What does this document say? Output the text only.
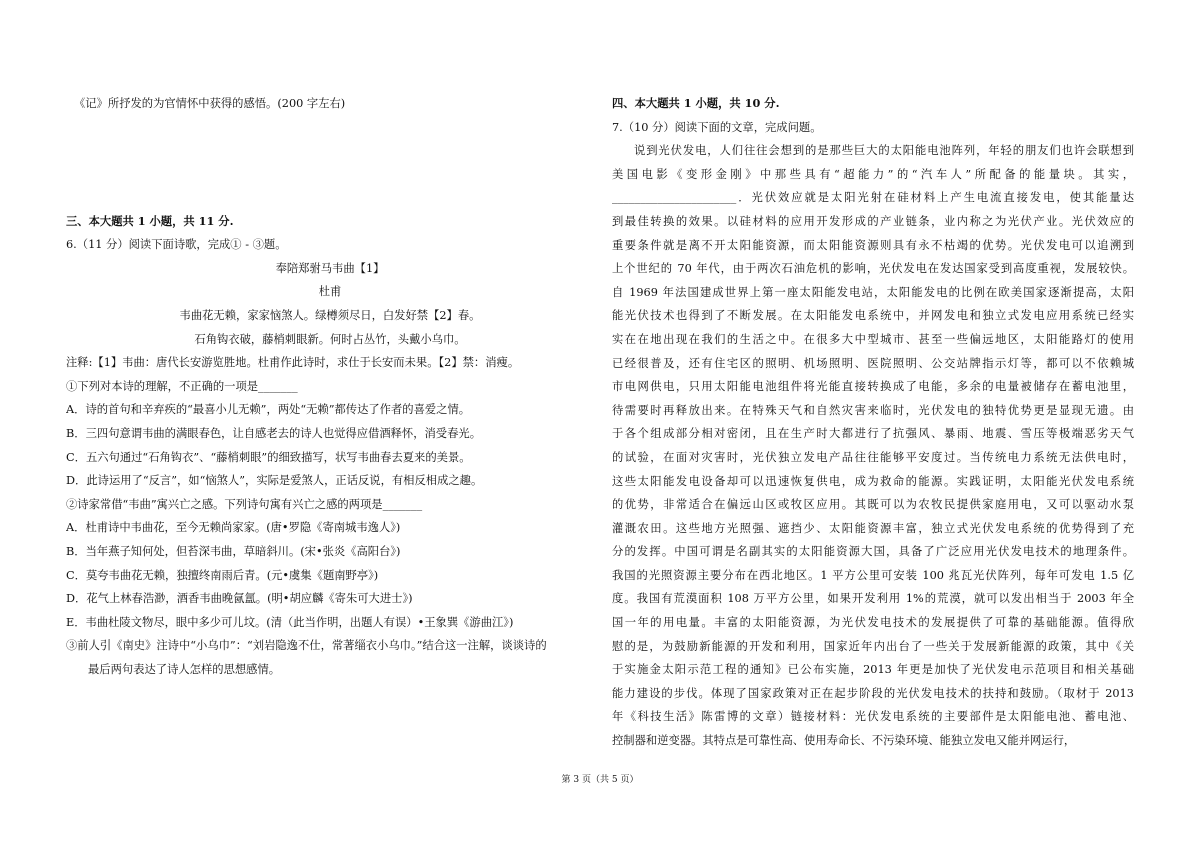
《记》所抒发的为官情怀中获得的感悟。(200 字左右)
三、本大题共 1 小题，共 11 分.
6.（11 分）阅读下面诗歌，完成① - ③题。
奉陪郑驸马韦曲【1】
杜甫
韦曲花无赖，家家恼煞人。绿樽须尽日，白发好禁【2】春。
石角钩衣破，藤梢刺眼新。何时占丛竹，头戴小乌巾。
注释:【1】韦曲：唐代长安游览胜地。杜甫作此诗时，求仕于长安而未果。【2】禁：消瘦。
①下列对本诗的理解，不正确的一项是_______
A．诗的首句和辛弃疾的“最喜小儿无赖”，两处“无赖”都传达了作者的喜爱之情。
B．三四句意谓韦曲的满眼春色，让自感老去的诗人也觉得应借酒释怀，消受春光。
C．五六句通过“石角钩衣”、“藤梢刺眼”的细致描写，状写韦曲春去夏来的美景。
D．此诗运用了“反言”，如“恼煞人”，实际是爱煞人，正话反说，有相反相成之趣。
②诗家常借“韦曲”寓兴亡之感。下列诗句寓有兴亡之感的两项是_______
A．杜甫诗中韦曲花，至今无赖尚家家。(唐•罗隐《寄南城韦逸人》)
B．当年燕子知何处，但苔深韦曲，草暗斜川。(宋•张炎《高阳台》)
C．莫夸韦曲花无赖，独擅终南雨后青。(元•虞集《题南野亭》)
D．花气上林春浩渺，酒香韦曲晚氤氲。(明•胡应麟《寄朱可大进士》)
E．韦曲杜陵文物尽，眼中多少可儿坟。(清（此当作明，出题人有误）•王象巽《游曲江》)
③前人引《南史》注诗中“小乌巾”：“刘岩隐逸不仕，常著缁衣小乌巾。”结合这一注解，谈谈诗的
最后两句表达了诗人怎样的思想感情。
四、本大题共 1 小题，共 10 分.
7.（10 分）阅读下面的文章，完成问题。
说到光伏发电，人们往往会想到的是那些巨大的太阳能电池阵列，年轻的朋友们也许会联想到
美国电影《变形金刚》中那些具有“超能力”的“汽车人”所配备的能量块。其实，
______________________．光伏效应就是太阳光射在硅材料上产生电流直接发电，使其能量达
到最佳转换的效果。以硅材料的应用开发形成的产业链条，业内称之为光伏产业。光伏效应的
重要条件就是离不开太阳能资源，而太阳能资源则具有永不枯竭的优势。光伏发电可以追溯到
上个世纪的 70 年代，由于两次石油危机的影响，光伏发电在发达国家受到高度重视，发展较快。
自 1969 年法国建成世界上第一座太阳能发电站，太阳能发电的比例在欧美国家逐渐提高，太阳
能光伏技术也得到了不断发展。在太阳能发电系统中，并网发电和独立式发电应用系统已经实
实在在地出现在我们的生活之中。在很多大中型城市、甚至一些偏远地区，太阳能路灯的使用
已经很普及，还有住宅区的照明、机场照明、医院照明、公交站牌指示灯等，都可以不依赖城
市电网供电，只用太阳能电池组件将光能直接转换成了电能，多余的电量被储存在蓄电池里，
待需要时再释放出来。在特殊天气和自然灾害来临时，光伏发电的独特优势更是显现无遗。由
于各个组成部分相对密闭，且在生产时大都进行了抗强风、暴雨、地震、雪压等极端恶劣天气
的试验，在面对灾害时，光伏独立发电产品往往能够平安度过。当传统电力系统无法供电时，
这些太阳能发电设备却可以迅速恢复供电，成为救命的能源。实践证明，太阳能光伏发电系统
的优势，非常适合在偏远山区或牧区应用。其既可以为农牧民提供家庭用电，又可以驱动水泵
灌溉农田。这些地方光照强、遮挡少、太阳能资源丰富，独立式光伏发电系统的优势得到了充
分的发挥。中国可谓是名副其实的太阳能资源大国，具备了广泛应用光伏发电技术的地理条件。
我国的光照资源主要分布在西北地区。1 平方公里可安装 100 兆瓦光伏阵列，每年可发电 1.5 亿
度。我国有荒漠面积 108 万平方公里，如果开发利用 1%的荒漠，就可以发出相当于 2003 年全
国一年的用电量。丰富的太阳能资源，为光伏发电技术的发展提供了可靠的基础能源。值得欣
慰的是，为鼓励新能源的开发和利用，国家近年内出台了一些关于发展新能源的政策，其中《关
于实施金太阳示范工程的通知》已公布实施，2013 年更是加快了光伏发电示范项目和相关基础
能力建设的步伐。体现了国家政策对正在起步阶段的光伏发电技术的扶持和鼓励。（取材于 2013
年《科技生活》陈雷博的文章）链接材料：光伏发电系统的主要部件是太阳能电池、蓄电池、
控制器和逆变器。其特点是可靠性高、使用寿命长、不污染环境、能独立发电又能并网运行，
第 3 页（共 5 页）
